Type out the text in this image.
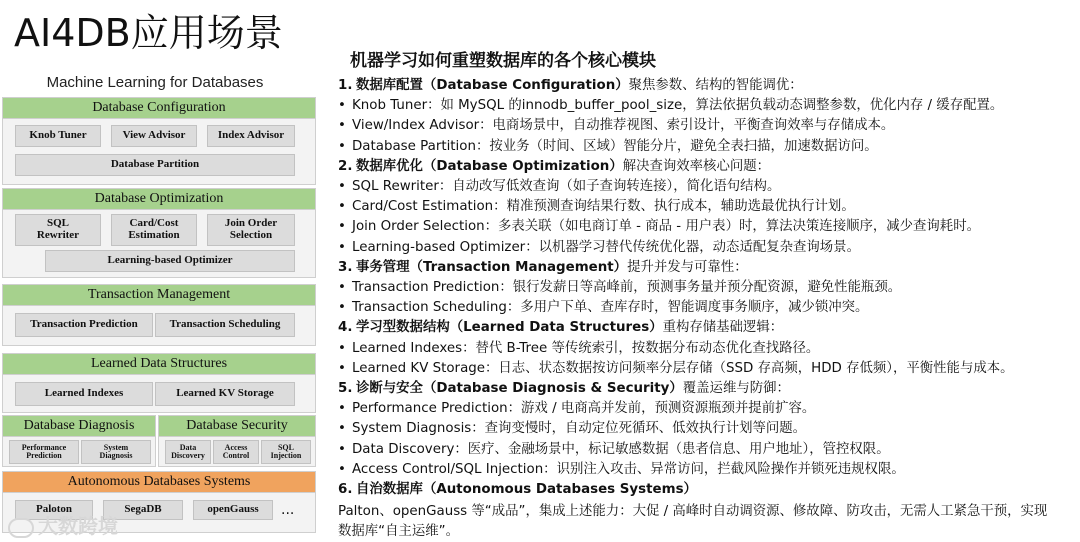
AI4DB应用场景
Machine Learning for Databases
Database Configuration
Knob Tuner	View Advisor	Index Advisor
Database Partition
Database Optimization
SQL
Rewriter
Card/Cost
Estimation
Join Order
Selection
Learning-based Optimizer
Transaction Management
Transaction Prediction	Transaction Scheduling
Learned Data Structures
Learned Indexes	Learned KV Storage
Database Diagnosis
Performance
Prediction
System
Diagnosis
Database Security
Data
Discovery
Access
Control
SQL
Injection
Autonomous Databases Systems
Paloton	SegaDB	openGauss	...
大数跨境
机器学习如何重塑数据库的各个核心模块
1.数据库配置（Database Configuration）聚焦参数、结构的智能调优：
• Knob Tuner：如 MySQL 的innodb_buffer_pool_size，算法依据负载动态调整参数，优化内存 / 缓存配置。
• View/Index Advisor：电商场景中，自动推荐视图、索引设计，平衡查询效率与存储成本。
• Database Partition：按业务（时间、区域）智能分片，避免全表扫描，加速数据访问。
2.数据库优化（Database Optimization）解决查询效率核心问题：
• SQL Rewriter：自动改写低效查询（如子查询转连接），简化语句结构。
• Card/Cost Estimation：精准预测查询结果行数、执行成本，辅助选最优执行计划。
• Join Order Selection：多表关联（如电商订单 - 商品 - 用户表）时，算法决策连接顺序，减少查询耗时。
• Learning-based Optimizer：以机器学习替代传统优化器，动态适配复杂查询场景。
3.事务管理（Transaction Management）提升并发与可靠性：
• Transaction Prediction：银行发薪日等高峰前，预测事务量并预分配资源，避免性能瓶颈。
• Transaction Scheduling：多用户下单、查库存时，智能调度事务顺序，减少锁冲突。
4.学习型数据结构（Learned Data Structures）重构存储基础逻辑：
• Learned Indexes：替代 B-Tree 等传统索引，按数据分布动态优化查找路径。
• Learned KV Storage：日志、状态数据按访问频率分层存储（SSD 存高频，HDD 存低频），平衡性能与成本。
5.诊断与安全（Database Diagnosis & Security）覆盖运维与防御：
• Performance Prediction：游戏 / 电商高并发前，预测资源瓶颈并提前扩容。
• System Diagnosis：查询变慢时，自动定位死循环、低效执行计划等问题。
• Data Discovery：医疗、金融场景中，标记敏感数据（患者信息、用户地址），管控权限。
• Access Control/SQL Injection：识别注入攻击、异常访问，拦截风险操作并锁死违规权限。
6.自治数据库（Autonomous Databases Systems）
Palton、openGauss 等“成品”，集成上述能力：大促 / 高峰时自动调资源、修故障、防攻击，无需人工紧急干预，实现
数据库“自主运维”。
